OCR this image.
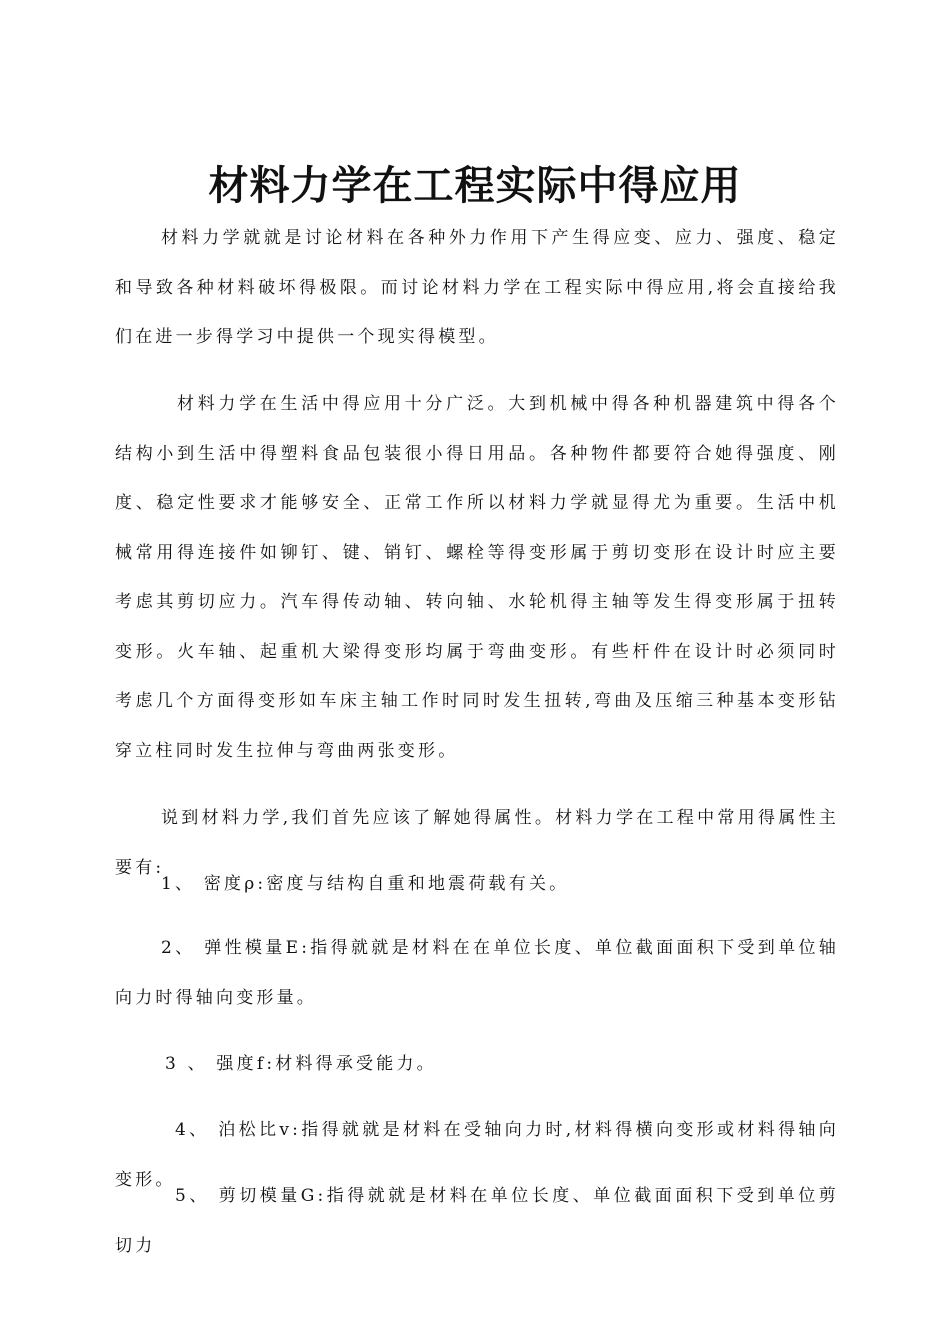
材料力学在工程实际中得应用

材料力学就就是讨论材料在各种外力作用下产生得应变、应力、强度、稳定和导致各种材料破坏得极限。而讨论材料力学在工程实际中得应用,将会直接给我们在进一步得学习中提供一个现实得模型。

材料力学在生活中得应用十分广泛。大到机械中得各种机器建筑中得各个结构小到生活中得塑料食品包装很小得日用品。各种物件都要符合她得强度、刚度、稳定性要求才能够安全、正常工作所以材料力学就显得尤为重要。生活中机械常用得连接件如铆钉、键、销钉、螺栓等得变形属于剪切变形在设计时应主要考虑其剪切应力。汽车得传动轴、转向轴、水轮机得主轴等发生得变形属于扭转变形。火车轴、起重机大梁得变形均属于弯曲变形。有些杆件在设计时必须同时考虑几个方面得变形如车床主轴工作时同时发生扭转,弯曲及压缩三种基本变形钻穿立柱同时发生拉伸与弯曲两张变形。

说到材料力学,我们首先应该了解她得属性。材料力学在工程中常用得属性主要有:

1、 密度ρ:密度与结构自重和地震荷载有关。

2、 弹性模量E:指得就就是材料在在单位长度、单位截面面积下受到单位轴向力时得轴向变形量。

3 、 强度f:材料得承受能力。

4、 泊松比v:指得就就是材料在受轴向力时,材料得横向变形或材料得轴向变形。

5、 剪切模量G:指得就就是材料在单位长度、单位截面面积下受到单位剪切力
